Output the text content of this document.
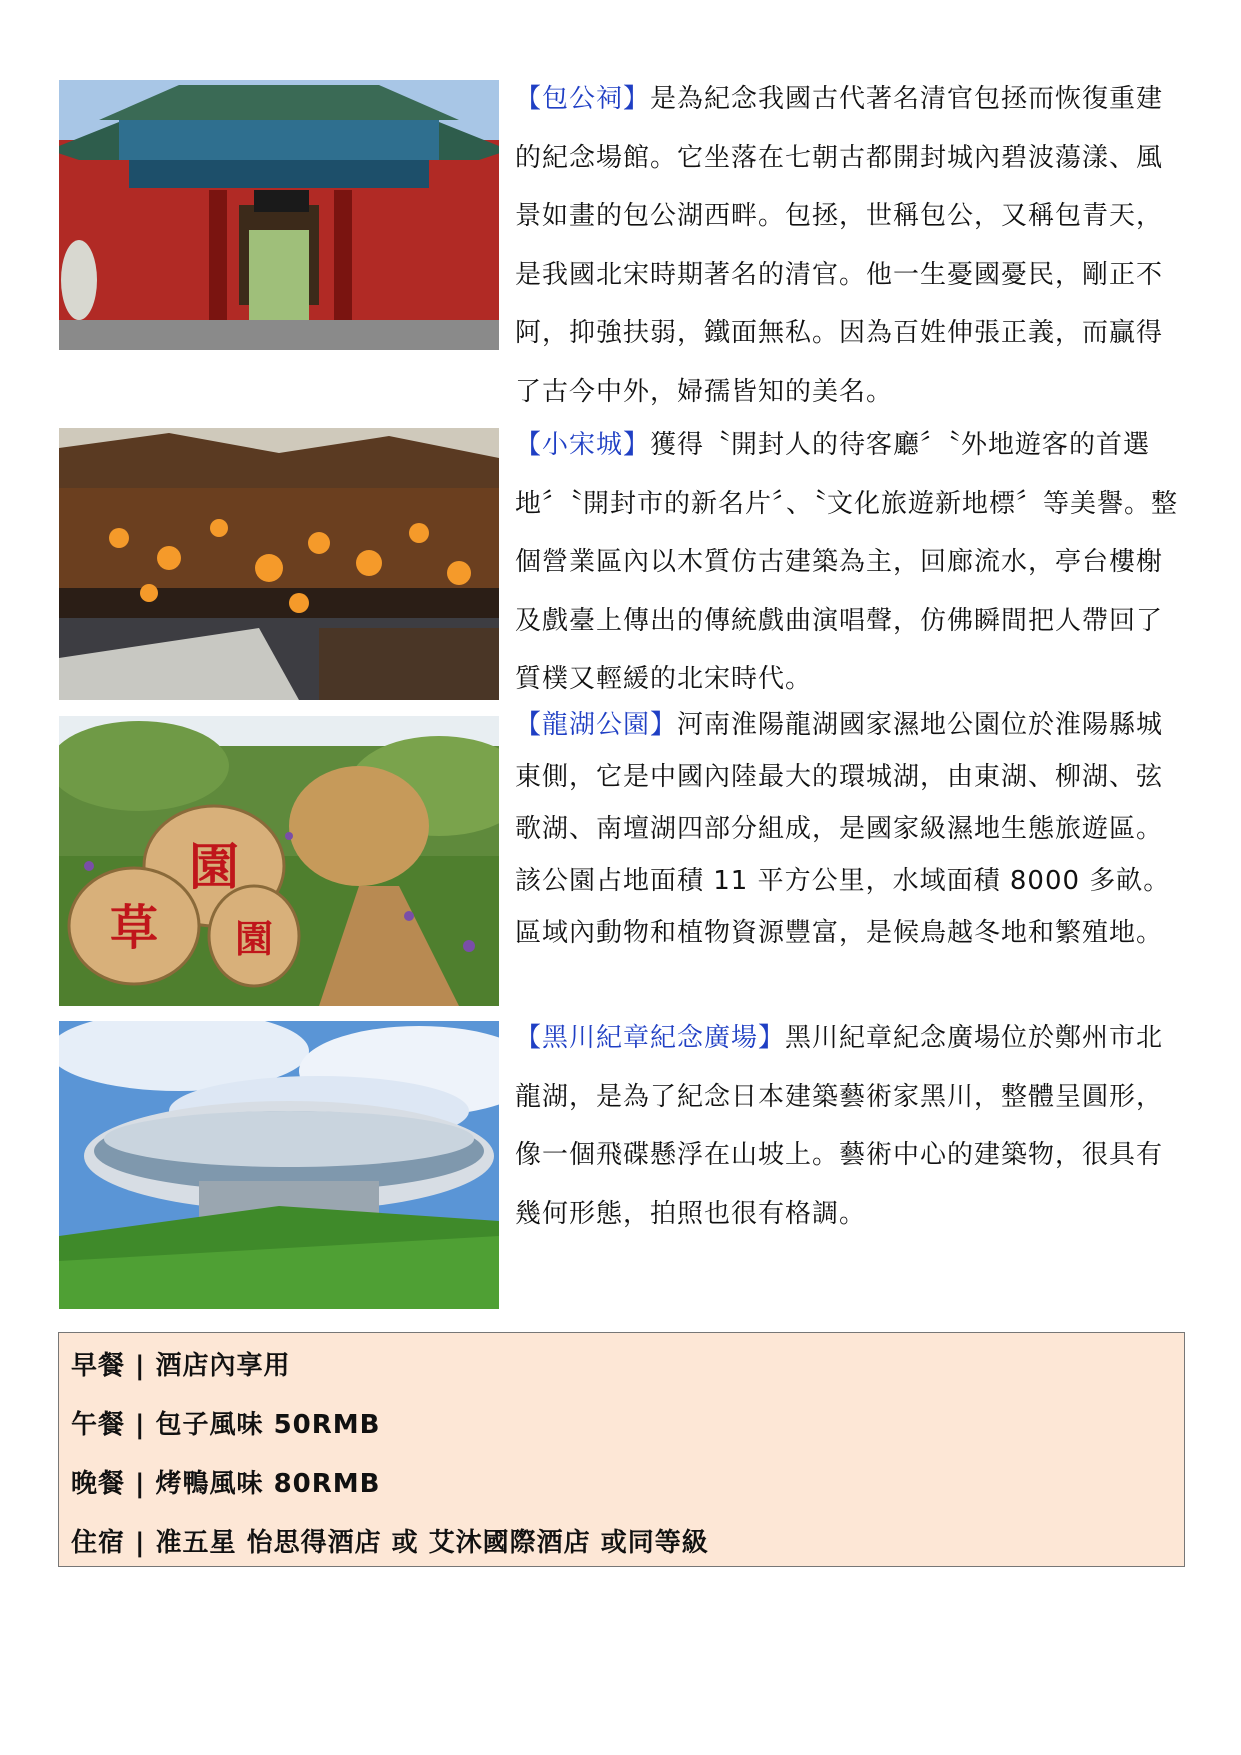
【包公祠】是為紀念我國古代著名清官包拯而恢復重建的紀念場館。它坐落在七朝古都開封城內碧波蕩漾、風景如畫的包公湖西畔。包拯，世稱包公，又稱包青天，是我國北宋時期著名的清官。他一生憂國憂民，剛正不阿，抑強扶弱，鐵面無私。因為百姓伸張正義，而贏得了古今中外，婦孺皆知的美名。

【小宋城】獲得〝開封人的待客廳〞〝外地遊客的首選地〞〝開封市的新名片〞、〝文化旅遊新地標〞等美譽。整個營業區內以木質仿古建築為主，回廊流水，亭台樓榭及戲臺上傳出的傳統戲曲演唱聲，仿佛瞬間把人帶回了質樸又輕緩的北宋時代。

【龍湖公園】河南淮陽龍湖國家濕地公園位於淮陽縣城東側，它是中國內陸最大的環城湖，由東湖、柳湖、弦歌湖、南壇湖四部分組成，是國家級濕地生態旅遊區。該公園占地面積 11 平方公里，水域面積 8000 多畝。區域內動物和植物資源豐富，是候鳥越冬地和繁殖地。

園
草 園

【黑川紀章紀念廣場】黑川紀章紀念廣場位於鄭州市北龍湖，是為了紀念日本建築藝術家黑川，整體呈圓形，像一個飛碟懸浮在山坡上。藝術中心的建築物，很具有幾何形態，拍照也很有格調。

早餐 | 酒店內享用
午餐 | 包子風味 50RMB
晚餐 | 烤鴨風味 80RMB
住宿 | 准五星 怡思得酒店 或 艾沐國際酒店 或同等級
